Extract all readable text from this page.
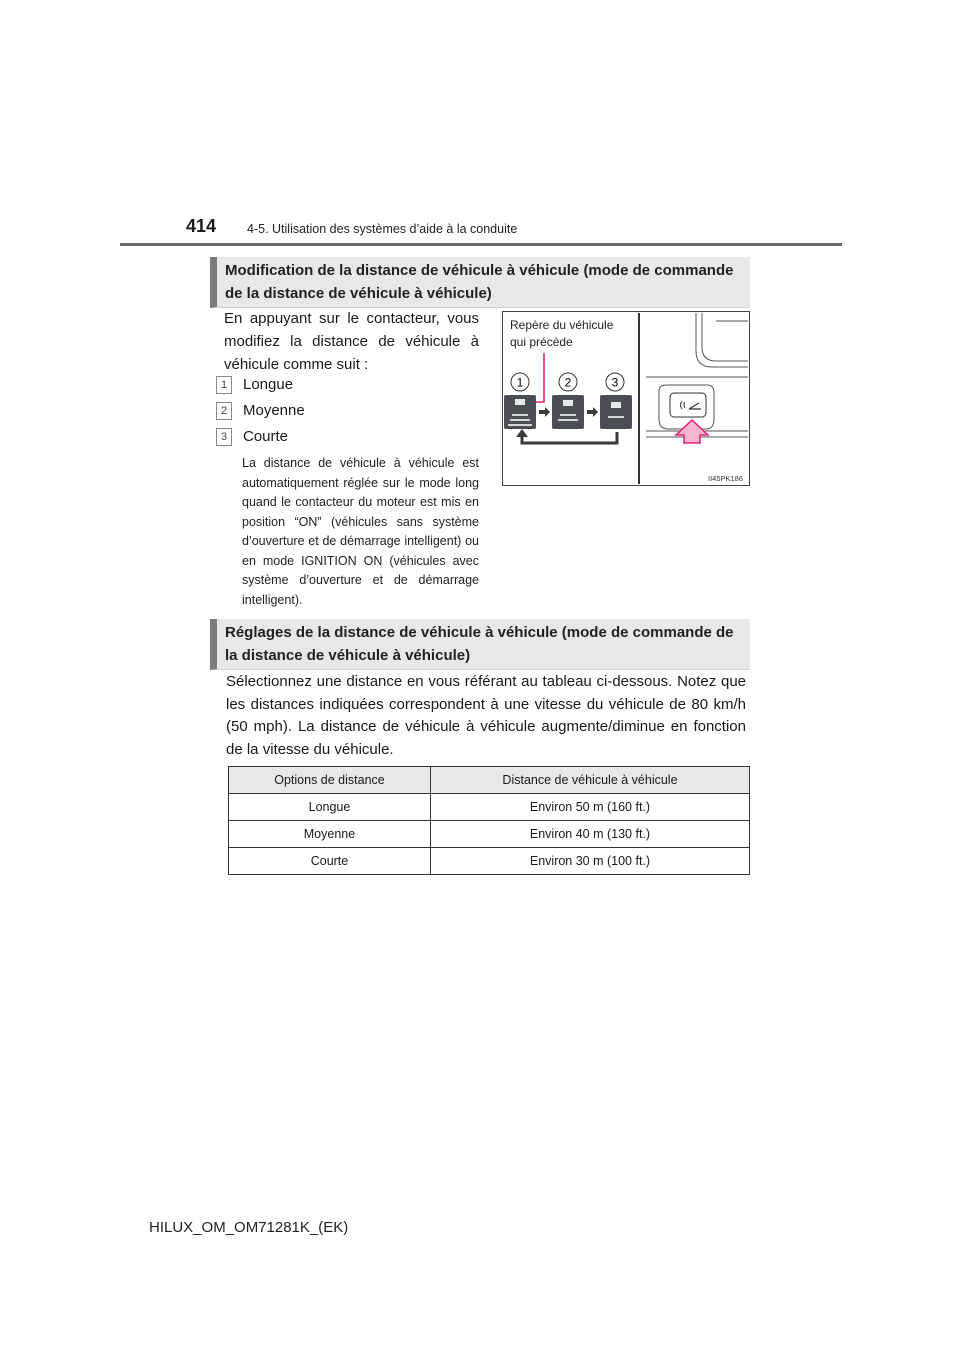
414 4-5. Utilisation des systèmes d’aide à la conduite
Modification de la distance de véhicule à véhicule (mode de commande de la distance de véhicule à véhicule)
En appuyant sur le contacteur, vous modifiez la distance de véhicule à véhicule comme suit :
1 Longue
2 Moyenne
3 Courte
La distance de véhicule à véhicule est automatiquement réglée sur le mode long quand le contacteur du moteur est mis en position “ON” (véhicules sans système d’ouverture et de démarrage intelligent) ou en mode IGNITION ON (véhicules avec système d’ouverture et de démarrage intelligent).
Repère du véhicule
qui précède
1	2	3
II45PK186
Réglages de la distance de véhicule à véhicule (mode de commande de la distance de véhicule à véhicule)
Sélectionnez une distance en vous référant au tableau ci-dessous. Notez que les distances indiquées correspondent à une vitesse du véhicule de 80 km/h (50 mph). La distance de véhicule à véhicule augmente/diminue en fonction de la vitesse du véhicule.
Options de distance	Distance de véhicule à véhicule
Longue	Environ 50 m (160 ft.)
Moyenne	Environ 40 m (130 ft.)
Courte	Environ 30 m (100 ft.)
HILUX_OM_OM71281K_(EK)
